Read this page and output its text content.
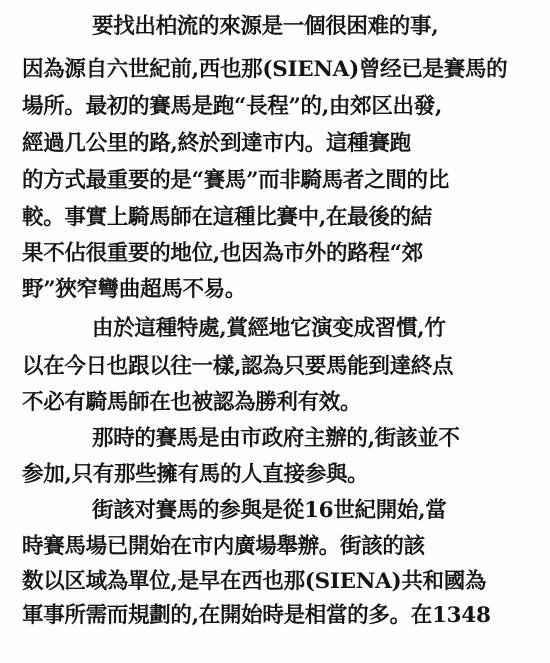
要找出柏流的來源是一個很困难的事,
因為源自六世紀前,西也那(SIENA)曾经已是賽馬的
場所。最初的賽馬是跑“長程”的,由郊区出發,
經過几公里的路,終於到達市内。這種賽跑
的方式最重要的是“賽馬”而非騎馬者之間的比
較。事實上騎馬師在這種比賽中,在最後的結
果不佔很重要的地位,也因為市外的路程“郊
野”狹窄彎曲超馬不易。
由於這種特處,賞經地它演变成習慣,竹
以在今日也跟以往一樣,認為只要馬能到達終点
不必有騎馬師在也被認為勝利有效。
那時的賽馬是由市政府主辦的,街該並不
参加,只有那些擁有馬的人直接参與。
街該对賽馬的参與是從16世紀開始,當
時賽馬場已開始在市内廣場舉辦。街該的該
数以区域為單位,是早在西也那(SIENA)共和國為
軍事所需而規劃的,在開始時是相當的多。在1348
